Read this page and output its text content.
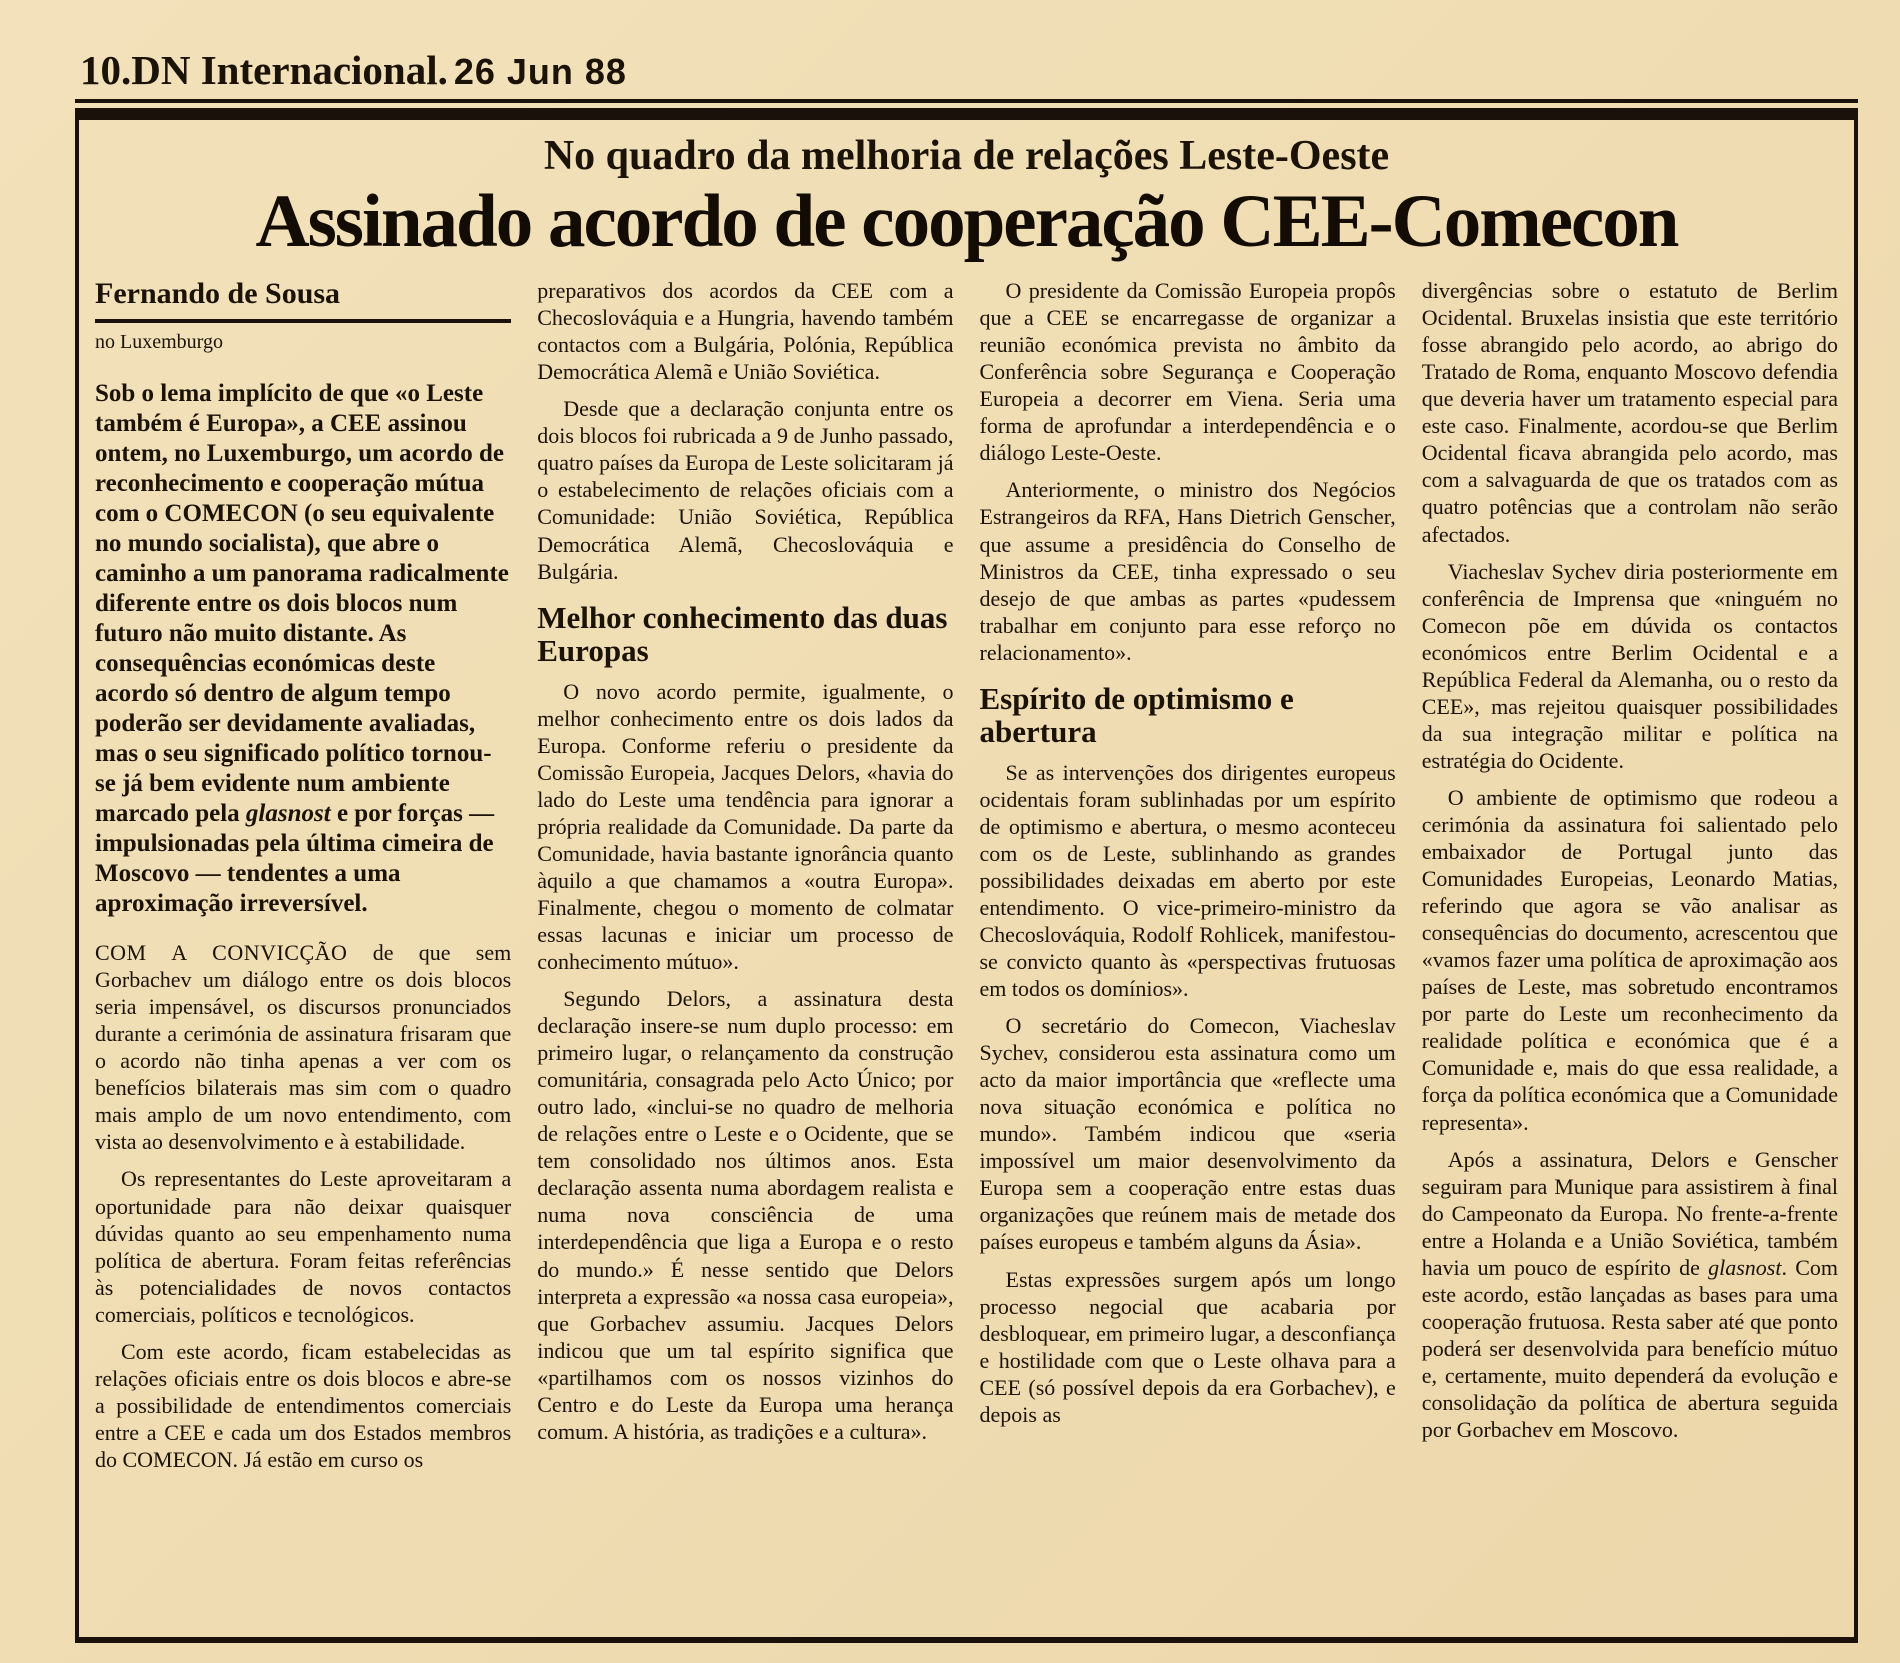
10.DN Internacional. 26 Jun 88
No quadro da melhoria de relações Leste-Oeste
Assinado acordo de cooperação CEE-Comecon
Fernando de Sousa
no Luxemburgo

Sob o lema implícito de que «o Leste também é Europa», a CEE assinou ontem, no Luxemburgo, um acordo de reconhecimento e cooperação mútua com o COMECON (o seu equivalente no mundo socialista), que abre o caminho a um panorama radicalmente diferente entre os dois blocos num futuro não muito distante. As consequências económicas deste acordo só dentro de algum tempo poderão ser devidamente avaliadas, mas o seu significado político tornou-se já bem evidente num ambiente marcado pela glasnost e por forças — impulsionadas pela última cimeira de Moscovo — tendentes a uma aproximação irreversível.

COM A CONVICÇÃO de que sem Gorbachev um diálogo entre os dois blocos seria impensável, os discursos pronunciados durante a cerimónia de assinatura frisaram que o acordo não tinha apenas a ver com os benefícios bilaterais mas sim com o quadro mais amplo de um novo entendimento, com vista ao desenvolvimento e à estabilidade.

Os representantes do Leste aproveitaram a oportunidade para não deixar quaisquer dúvidas quanto ao seu empenhamento numa política de abertura. Foram feitas referências às potencialidades de novos contactos comerciais, políticos e tecnológicos.

Com este acordo, ficam estabelecidas as relações oficiais entre os dois blocos e abre-se a possibilidade de entendimentos comerciais entre a CEE e cada um dos Estados membros do COMECON. Já estão em curso os

preparativos dos acordos da CEE com a Checoslováquia e a Hungria, havendo também contactos com a Bulgária, Polónia, República Democrática Alemã e União Soviética.

Desde que a declaração conjunta entre os dois blocos foi rubricada a 9 de Junho passado, quatro países da Europa de Leste solicitaram já o estabelecimento de relações oficiais com a Comunidade: União Soviética, República Democrática Alemã, Checoslováquia e Bulgária.

Melhor conhecimento das duas Europas

O novo acordo permite, igualmente, o melhor conhecimento entre os dois lados da Europa. Conforme referiu o presidente da Comissão Europeia, Jacques Delors, «havia do lado do Leste uma tendência para ignorar a própria realidade da Comunidade. Da parte da Comunidade, havia bastante ignorância quanto àquilo a que chamamos a «outra Europa». Finalmente, chegou o momento de colmatar essas lacunas e iniciar um processo de conhecimento mútuo».

Segundo Delors, a assinatura desta declaração insere-se num duplo processo: em primeiro lugar, o relançamento da construção comunitária, consagrada pelo Acto Único; por outro lado, «inclui-se no quadro de melhoria de relações entre o Leste e o Ocidente, que se tem consolidado nos últimos anos. Esta declaração assenta numa abordagem realista e numa nova consciência de uma interdependência que liga a Europa e o resto do mundo.» É nesse sentido que Delors interpreta a expressão «a nossa casa europeia», que Gorbachev assumiu. Jacques Delors indicou que um tal espírito significa que «partilhamos com os nossos vizinhos do Centro e do Leste da Europa uma herança comum. A história, as tradições e a cultura».

O presidente da Comissão Europeia propôs que a CEE se encarregasse de organizar a reunião económica prevista no âmbito da Conferência sobre Segurança e Cooperação Europeia a decorrer em Viena. Seria uma forma de aprofundar a interdependência e o diálogo Leste-Oeste.

Anteriormente, o ministro dos Negócios Estrangeiros da RFA, Hans Dietrich Genscher, que assume a presidência do Conselho de Ministros da CEE, tinha expressado o seu desejo de que ambas as partes «pudessem trabalhar em conjunto para esse reforço no relacionamento».

Espírito de optimismo e abertura

Se as intervenções dos dirigentes europeus ocidentais foram sublinhadas por um espírito de optimismo e abertura, o mesmo aconteceu com os de Leste, sublinhando as grandes possibilidades deixadas em aberto por este entendimento. O vice-primeiro-ministro da Checoslováquia, Rodolf Rohlicek, manifestou-se convicto quanto às «perspectivas frutuosas em todos os domínios».

O secretário do Comecon, Viacheslav Sychev, considerou esta assinatura como um acto da maior importância que «reflecte uma nova situação económica e política no mundo». Também indicou que «seria impossível um maior desenvolvimento da Europa sem a cooperação entre estas duas organizações que reúnem mais de metade dos países europeus e também alguns da Ásia».

Estas expressões surgem após um longo processo negocial que acabaria por desbloquear, em primeiro lugar, a desconfiança e hostilidade com que o Leste olhava para a CEE (só possível depois da era Gorbachev), e depois as

divergências sobre o estatuto de Berlim Ocidental. Bruxelas insistia que este território fosse abrangido pelo acordo, ao abrigo do Tratado de Roma, enquanto Moscovo defendia que deveria haver um tratamento especial para este caso. Finalmente, acordou-se que Berlim Ocidental ficava abrangida pelo acordo, mas com a salvaguarda de que os tratados com as quatro potências que a controlam não serão afectados.

Viacheslav Sychev diria posteriormente em conferência de Imprensa que «ninguém no Comecon põe em dúvida os contactos económicos entre Berlim Ocidental e a República Federal da Alemanha, ou o resto da CEE», mas rejeitou quaisquer possibilidades da sua integração militar e política na estratégia do Ocidente.

O ambiente de optimismo que rodeou a cerimónia da assinatura foi salientado pelo embaixador de Portugal junto das Comunidades Europeias, Leonardo Matias, referindo que agora se vão analisar as consequências do documento, acrescentou que «vamos fazer uma política de aproximação aos países de Leste, mas sobretudo encontramos por parte do Leste um reconhecimento da realidade política e económica que é a Comunidade e, mais do que essa realidade, a força da política económica que a Comunidade representa».

Após a assinatura, Delors e Genscher seguiram para Munique para assistirem à final do Campeonato da Europa. No frente-a-frente entre a Holanda e a União Soviética, também havia um pouco de espírito de glasnost. Com este acordo, estão lançadas as bases para uma cooperação frutuosa. Resta saber até que ponto poderá ser desenvolvida para benefício mútuo e, certamente, muito dependerá da evolução e consolidação da política de abertura seguida por Gorbachev em Moscovo.
